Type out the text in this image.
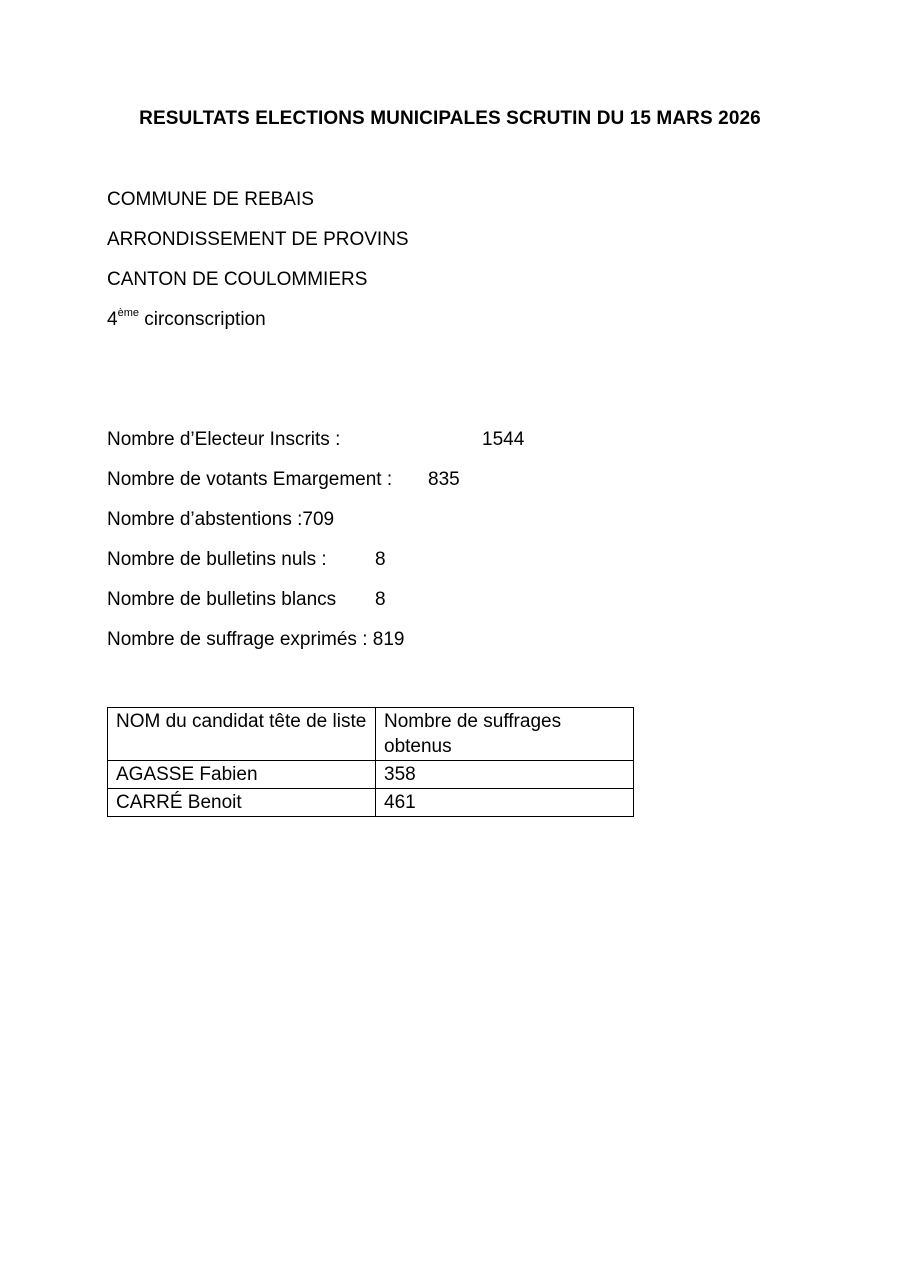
RESULTATS ELECTIONS MUNICIPALES SCRUTIN DU 15 MARS 2026

COMMUNE DE REBAIS

ARRONDISSEMENT DE PROVINS

CANTON DE COULOMMIERS

4ème circonscription

Nombre d’Electeur Inscrits :	1544

Nombre de votants Emargement : 835

Nombre d’abstentions :709

Nombre de bulletins nuls :	8

Nombre de bulletins blancs 8

Nombre de suffrage exprimés : 819

NOM du candidat tête de liste	Nombre de suffrages obtenus
AGASSE Fabien	358
CARRÉ Benoit	461
